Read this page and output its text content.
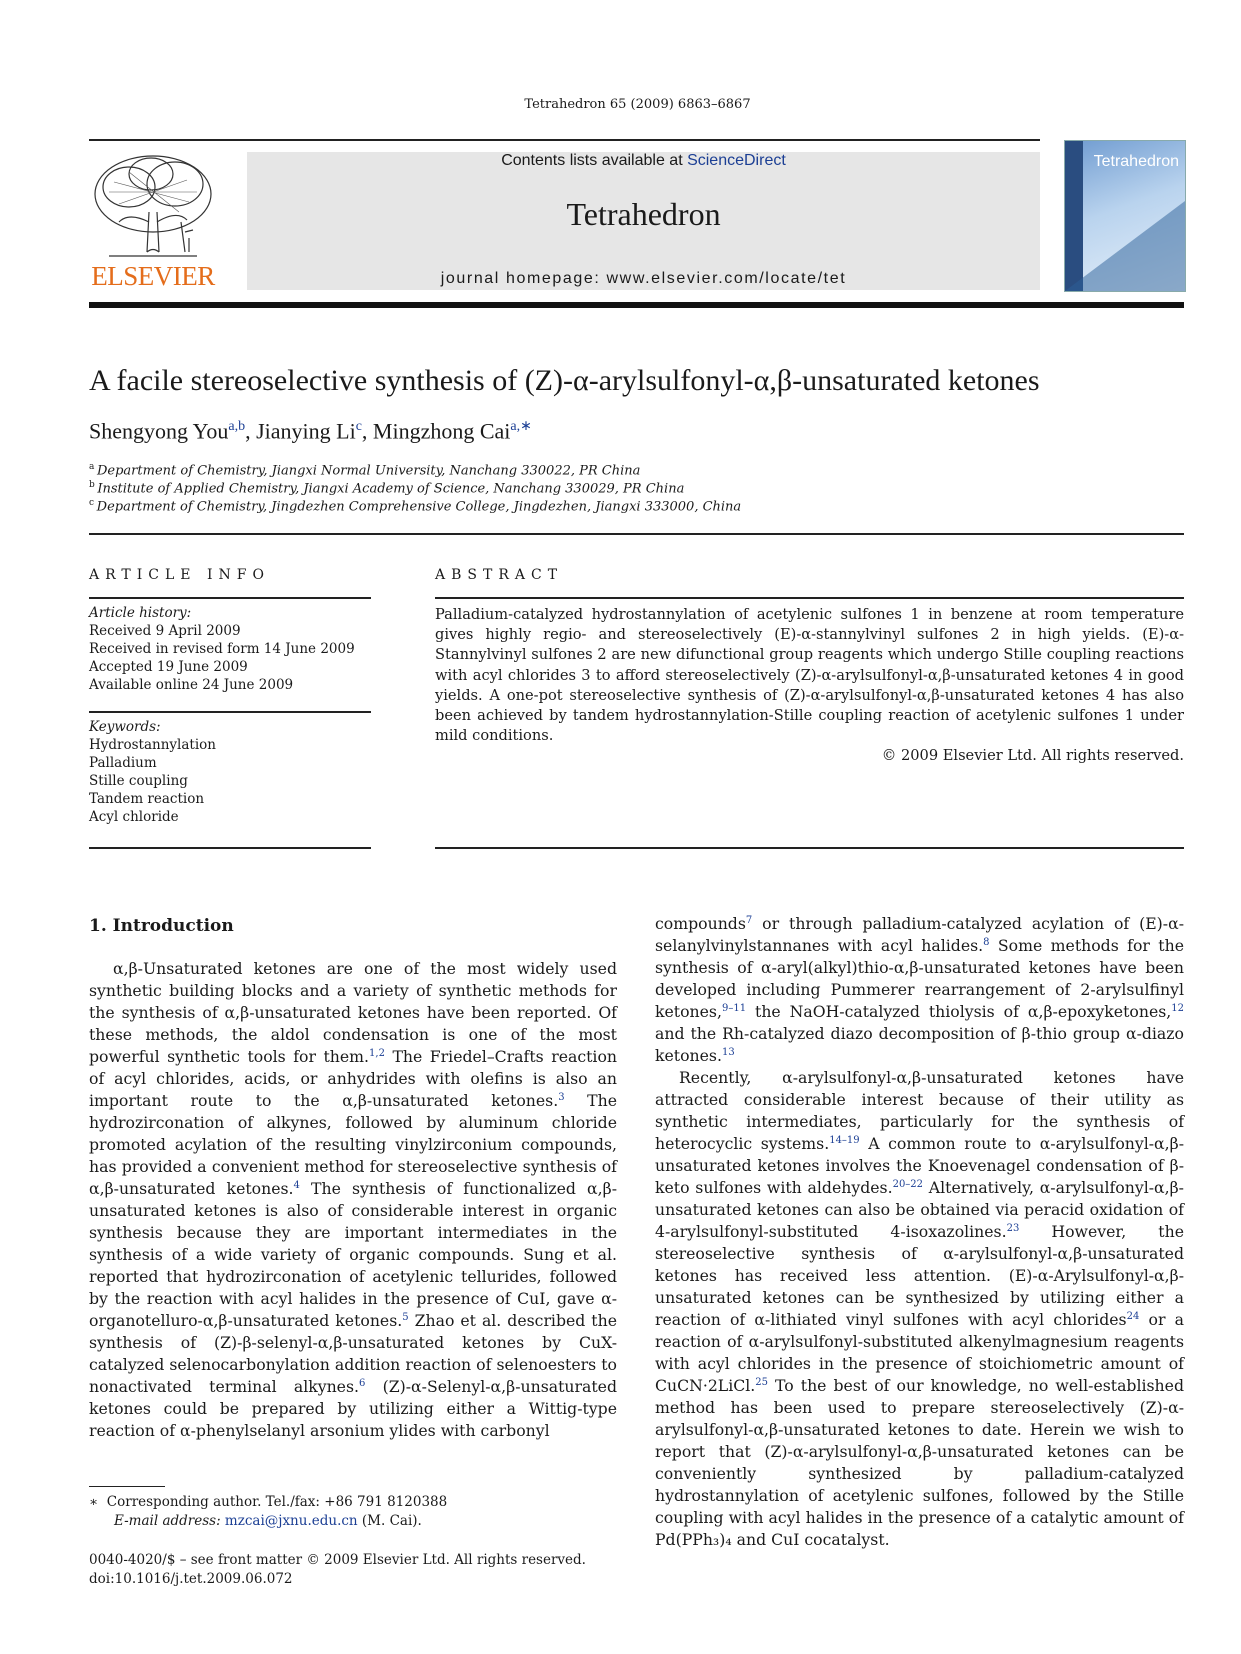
Tetrahedron 65 (2009) 6863–6867
ELSEVIER
Contents lists available at ScienceDirect
Tetrahedron
journal homepage: www.elsevier.com/locate/tet
Tetrahedron
A facile stereoselective synthesis of (Z)-α-arylsulfonyl-α,β-unsaturated ketones
Shengyong You$^{a,b}$, Jianying Li$^c$, Mingzhong Cai$^{a,∗}$
$^a$  Department of Chemistry, Jiangxi Normal University, Nanchang 330022, PR China
$^b$  Institute of Applied Chemistry, Jiangxi Academy of Science, Nanchang 330029, PR China
$^c$  Department of Chemistry, Jingdezhen Comprehensive College, Jingdezhen, Jiangxi 333000, China
ARTICLE INFO
Article history:
Received 9 April 2009
Received in revised form 14 June 2009
Accepted 19 June 2009
Available online 24 June 2009
Keywords:
Hydrostannylation
Palladium
Stille coupling
Tandem reaction
Acyl chloride
ABSTRACT
Palladium-catalyzed hydrostannylation of acetylenic sulfones 1 in benzene at room temperature gives highly regio- and stereoselectively (E)-α-stannylvinyl sulfones 2 in high yields. (E)-α-Stannylvinyl sulfones 2 are new difunctional group reagents which undergo Stille coupling reactions with acyl chlorides 3 to afford stereoselectively (Z)-α-arylsulfonyl-α,β-unsaturated ketones 4 in good yields. A one-pot stereoselective synthesis of (Z)-α-arylsulfonyl-α,β-unsaturated ketones 4 has also been achieved by tandem hydrostannylation-Stille coupling reaction of acetylenic sulfones 1 under mild conditions.
© 2009 Elsevier Ltd. All rights reserved.
1. Introduction

α,β-Unsaturated ketones are one of the most widely used synthetic building blocks and a variety of synthetic methods for the synthesis of α,β-unsaturated ketones have been reported. Of these methods, the aldol condensation is one of the most powerful synthetic tools for them.$^{1,2}$ The Friedel–Crafts reaction of acyl chlorides, acids, or anhydrides with olefins is also an important route to the α,β-unsaturated ketones.$^3$ The hydrozirconation of alkynes, followed by aluminum chloride promoted acylation of the resulting vinylzirconium compounds, has provided a convenient method for stereoselective synthesis of α,β-unsaturated ketones.$^4$ The synthesis of functionalized α,β-unsaturated ketones is also of considerable interest in organic synthesis because they are important intermediates in the synthesis of a wide variety of organic compounds. Sung et al. reported that hydrozirconation of acetylenic tellurides, followed by the reaction with acyl halides in the presence of CuI, gave α-organotelluro-α,β-unsaturated ketones.$^5$ Zhao et al. described the synthesis of (Z)-β-selenyl-α,β-unsaturated ketones by CuX-catalyzed selenocarbonylation addition reaction of selenoesters to nonactivated terminal alkynes.$^6$ (Z)-α-Selenyl-α,β-unsaturated ketones could be prepared by utilizing either a Wittig-type reaction of α-phenylselanyl arsonium ylides with carbonyl

compounds$^7$ or through palladium-catalyzed acylation of (E)-α-selanylvinylstannanes with acyl halides.$^8$ Some methods for the synthesis of α-aryl(alkyl)thio-α,β-unsaturated ketones have been developed including Pummerer rearrangement of 2-arylsulfinyl ketones,$^{9-11}$ the NaOH-catalyzed thiolysis of α,β-epoxyketones,$^{12}$ and the Rh-catalyzed diazo decomposition of β-thio group α-diazo ketones.$^{13}$

Recently, α-arylsulfonyl-α,β-unsaturated ketones have attracted considerable interest because of their utility as synthetic intermediates, particularly for the synthesis of heterocyclic systems.$^{14-19}$ A common route to α-arylsulfonyl-α,β-unsaturated ketones involves the Knoevenagel condensation of β-keto sulfones with aldehydes.$^{20-22}$ Alternatively, α-arylsulfonyl-α,β-unsaturated ketones can also be obtained via peracid oxidation of 4-arylsulfonyl-substituted 4-isoxazolines.$^{23}$ However, the stereoselective synthesis of α-arylsulfonyl-α,β-unsaturated ketones has received less attention. (E)-α-Arylsulfonyl-α,β-unsaturated ketones can be synthesized by utilizing either a reaction of α-lithiated vinyl sulfones with acyl chlorides$^{24}$ or a reaction of α-arylsulfonyl-substituted alkenylmagnesium reagents with acyl chlorides in the presence of stoichiometric amount of CuCN·2LiCl.$^{25}$ To the best of our knowledge, no well-established method has been used to prepare stereoselectively (Z)-α-arylsulfonyl-α,β-unsaturated ketones to date. Herein we wish to report that (Z)-α-arylsulfonyl-α,β-unsaturated ketones can be conveniently synthesized by palladium-catalyzed hydrostannylation of acetylenic sulfones, followed by the Stille coupling with acyl halides in the presence of a catalytic amount of Pd(PPh₃)₄ and CuI cocatalyst.

∗ Corresponding author. Tel./fax: +86 791 8120388
E-mail address: mzcai@jxnu.edu.cn (M. Cai).
0040-4020/$ – see front matter © 2009 Elsevier Ltd. All rights reserved.
doi:10.1016/j.tet.2009.06.072
